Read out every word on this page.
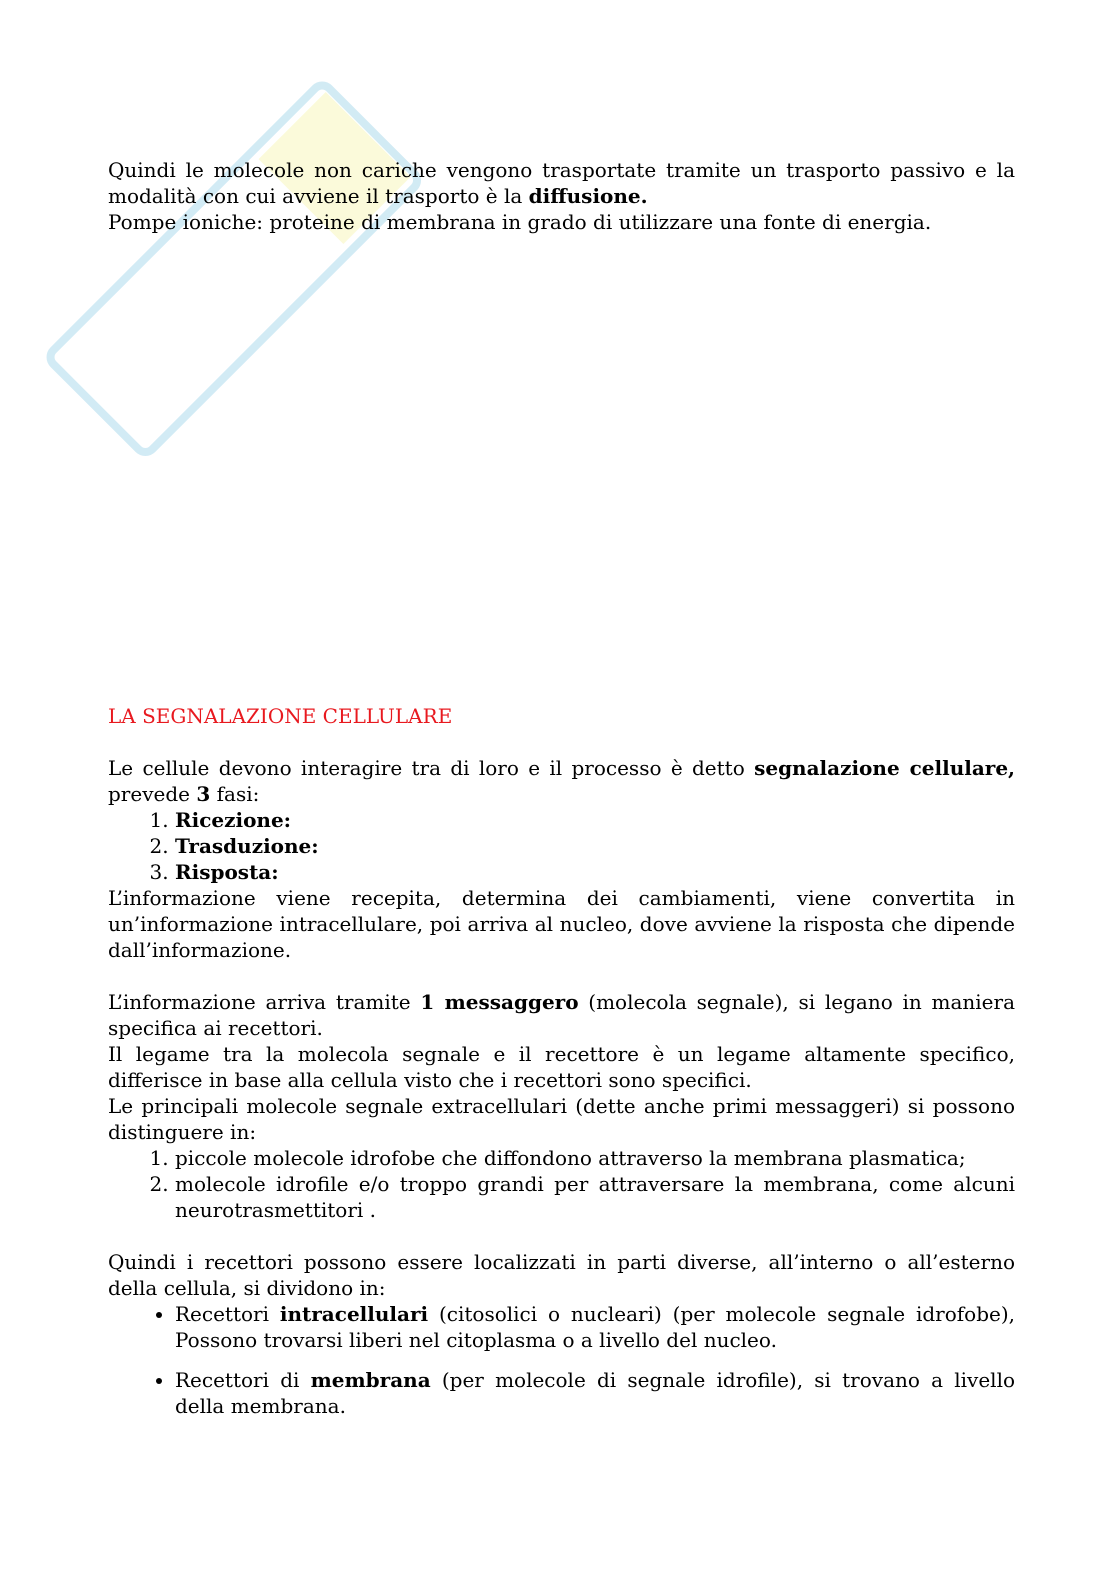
Quindi le molecole non cariche vengono trasportate tramite un trasporto passivo e la modalità con cui avviene il trasporto è la diffusione.

Pompe ioniche: proteine di membrana in grado di utilizzare una fonte di energia.

LA SEGNALAZIONE CELLULARE

Le cellule devono interagire tra di loro e il processo è detto segnalazione cellulare, prevede 3 fasi:

1. Ricezione:
2. Trasduzione:
3. Risposta:

L’informazione viene recepita, determina dei cambiamenti, viene convertita in un’informazione intracellulare, poi arriva al nucleo, dove avviene la risposta che dipende dall’informazione.

L’informazione arriva tramite 1 messaggero (molecola segnale), si legano in maniera specifica ai recettori.

Il legame tra la molecola segnale e il recettore è un legame altamente specifico, differisce in base alla cellula visto che i recettori sono specifici.

Le principali molecole segnale extracellulari (dette anche primi messaggeri) si possono distinguere in:

1. piccole molecole idrofobe che diffondono attraverso la membrana plasmatica;
2. molecole idrofile e/o troppo grandi per attraversare la membrana, come alcuni neurotrasmettitori .

Quindi i recettori possono essere localizzati in parti diverse, all’interno o all’esterno della cellula, si dividono in:

• Recettori intracellulari (citosolici o nucleari) (per molecole segnale idrofobe), Possono trovarsi liberi nel citoplasma o a livello del nucleo.
• Recettori di membrana (per molecole di segnale idrofile), si trovano a livello della membrana.
